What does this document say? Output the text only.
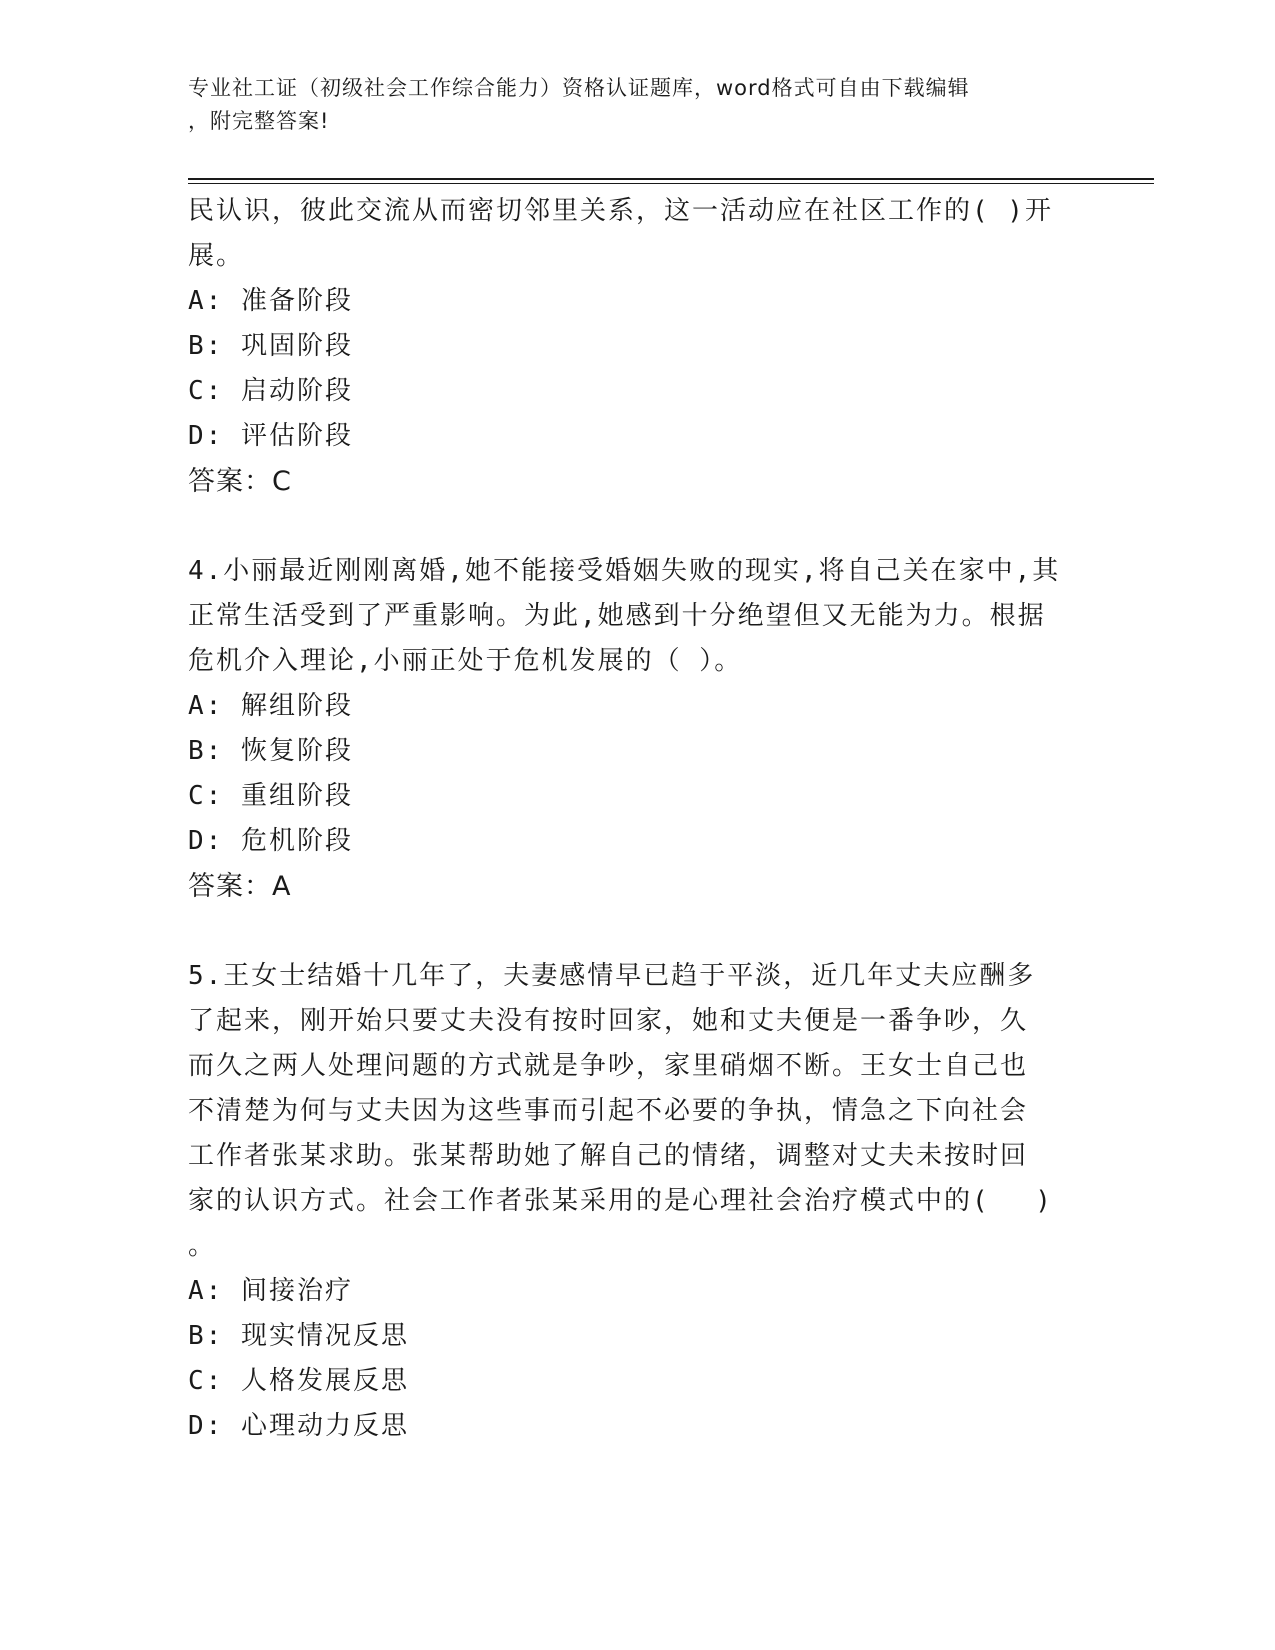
专业社工证（初级社会工作综合能力）资格认证题库，word格式可自由下载编辑
，附完整答案!
民认识，彼此交流从而密切邻里关系，这一活动应在社区工作的( )开
展。
A: 准备阶段
B: 巩固阶段
C: 启动阶段
D: 评估阶段
答案：C
4.小丽最近刚刚离婚,她不能接受婚姻失败的现实,将自己关在家中,其
正常生活受到了严重影响。为此,她感到十分绝望但又无能为力。根据
危机介入理论,小丽正处于危机发展的（ ）。
A: 解组阶段
B: 恢复阶段
C: 重组阶段
D: 危机阶段
答案：A
5.王女士结婚十几年了，夫妻感情早已趋于平淡，近几年丈夫应酬多
了起来，刚开始只要丈夫没有按时回家，她和丈夫便是一番争吵，久
而久之两人处理问题的方式就是争吵，家里硝烟不断。王女士自己也
不清楚为何与丈夫因为这些事而引起不必要的争执，情急之下向社会
工作者张某求助。张某帮助她了解自己的情绪，调整对丈夫未按时回
家的认识方式。社会工作者张某采用的是心理社会治疗模式中的(　 )
。
A: 间接治疗
B: 现实情况反思
C: 人格发展反思
D: 心理动力反思
